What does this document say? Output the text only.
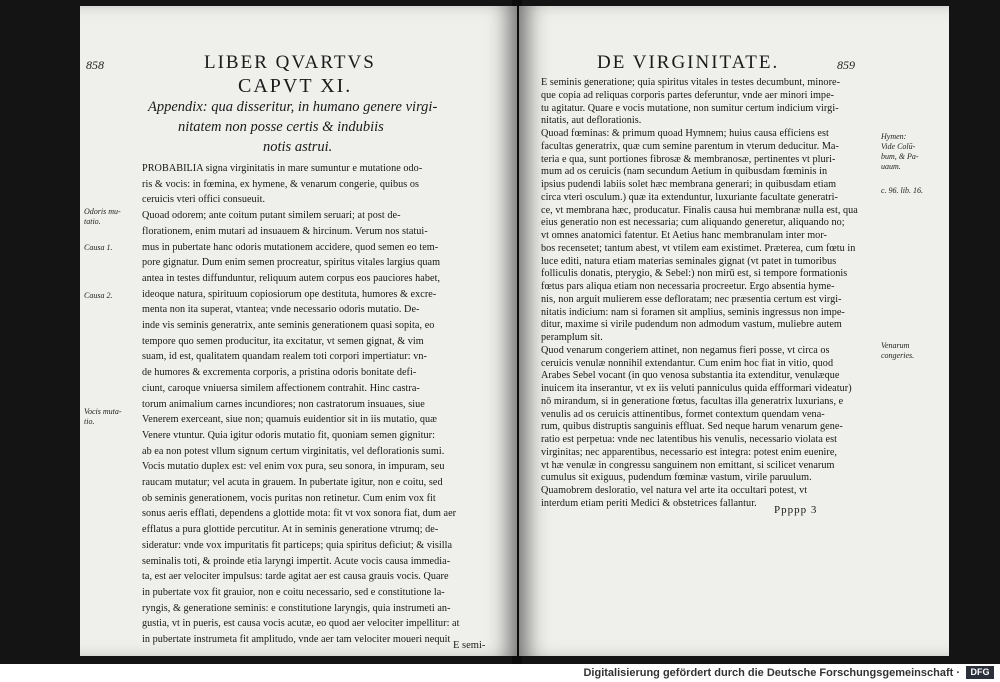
858	LIBER QVARTVS
CAPVT XI.
Appendix: qua disseritur, in humano genere virgi-
nitatem non posse certis & indubiis
notis astrui.
PROBABILIA signa virginitatis in mare sumuntur e mutatione odo-
ris & vocis: in fœmina, ex hymene, & venarum congerie, quibus os
ceruicis vteri offici consueuit.
Quoad odorem; ante coitum putant similem seruari; at post de-
florationem, enim mutari ad insuauem & hircinum. Verum nos statui-
mus in pubertate hanc odoris mutationem accidere, quod semen eo tem-
pore gignatur. Dum enim semen procreatur, spiritus vitales largius quam
antea in testes diffunduntur, reliquum autem corpus eos pauciores habet,
ideoque natura, spirituum copiosiorum ope destituta, humores & excre-
menta non ita superat, vtantea; vnde necessario odoris mutatio. De-
inde vis seminis generatrix, ante seminis generationem quasi sopita, eo
tempore quo semen producitur, ita excitatur, vt semen gignat, & vim
suam, id est, qualitatem quandam realem toti corpori impertiatur: vn-
de humores & excrementa corporis, a pristina odoris bonitate defi-
ciunt, caroque vniuersa similem affectionem contrahit. Hinc castra-
torum animalium carnes incundiores; non castratorum insuaues, siue
Venerem exerceant, siue non; quamuis euidentior sit in iis mutatio, quæ
Venere vtuntur. Quia igitur odoris mutatio fit, quoniam semen gignitur:
ab ea non potest vllum signum certum virginitatis, vel deflorationis sumi.
Vocis mutatio duplex est: vel enim vox pura, seu sonora, in impuram, seu
raucam mutatur; vel acuta in grauem. In pubertate igitur, non e coitu, sed
ob seminis generationem, vocis puritas non retinetur. Cum enim vox fit
sonus aeris efflati, dependens a glottide mota: fit vt vox sonora fiat, dum aer
efflatus a pura glottide percutitur. At in seminis generatione vtrumq; de-
sideratur: vnde vox impuritatis fit particeps; quia spiritus deficiut; & visilla
seminalis toti, & proinde etia laryngi impertit. Acute vocis causa immedia-
ta, est aer velociter impulsus: tarde agitat aer est causa grauis vocis. Quare
in pubertate vox fit grauior, non e coitu necessario, sed e constitutione la-
ryngis, & generatione seminis: e constitutione laryngis, quia instrumeti an-
gustia, vt in pueris, est causa vocis acutæ, eo quod aer velociter impellitur: at
in pubertate instrumeta fit amplitudo, vnde aer tam velociter moueri nequit
Odoris mu-
tatio.
Causa 1.
Causa 2.
Vocis muta-
tio.
E semi-
DE VIRGINITATE.	859
E seminis generatione; quia spiritus vitales in testes decumbunt, minore-
que copia ad reliquas corporis partes deferuntur, vnde aer minori impe-
tu agitatur. Quare e vocis mutatione, non sumitur certum indicium virgi-
nitatis, aut deflorationis.
Quoad fœminas: & primum quoad Hymnem; huius causa efficiens est
facultas generatrix, quæ cum semine parentum in vterum deducitur. Ma-
teria e qua, sunt portiones fibrosæ & membranosæ, pertinentes vt pluri-
mum ad os ceruicis (nam secundum Aetium in quibusdam fœminis in
ipsius pudendi labiis solet hæc membrana generari; in quibusdam etiam
circa vteri osculum.) quæ ita extenduntur, luxuriante facultate generatri-
ce, vt membrana hæc, producatur. Finalis causa hui membranæ nulla est, qua
eius generatio non est necessaria; cum aliquando generetur, aliquando no;
vt omnes anatomici fatentur. Et Aetius hanc membranulam inter mor-
bos recensetet; tantum abest, vt vtilem eam existimet. Præterea, cum fœtu in
luce editi, natura etiam materias seminales gignat (vt patet in tumoribus
folliculis donatis, pterygio, & Sebel:) non mirū est, si tempore formationis
fœtus pars aliqua etiam non necessaria procreetur. Ergo absentia hyme-
nis, non arguit mulierem esse defloratam; nec præsentia certum est virgi-
nitatis indicium: nam si foramen sit amplius, seminis ingressus non impe-
ditur, maxime si virile pudendum non admodum vastum, muliebre autem
peramplum sit.
Quod venarum congeriem attinet, non negamus fieri posse, vt circa os
ceruicis venulæ nonnihil extendantur. Cum enim hoc fiat in vitio, quod
Arabes Sebel vocant (in quo venosa substantia ita extenditur, venulæque
inuicem ita inserantur, vt ex iis veluti panniculus quida effformari videatur)
nō mirandum, si in generatione fœtus, facultas illa generatrix luxurians, e
venulis ad os ceruicis attinentibus, formet contextum quendam vena-
rum, quibus distruptis sanguinis effluat. Sed neque harum venarum gene-
ratio est perpetua: vnde nec latentibus his venulis, necessario violata est
virginitas; nec apparentibus, necessario est integra: potest enim euenire,
vt hæ venulæ in congressu sanguinem non emittant, si scilicet venarum
cumulus sit exiguus, pudendum fœminæ vastum, virile paruulum.
Quamobrem desloratio, vel natura vel arte ita occultari potest, vt
interdum etiam periti Medici & obstetrices fallantur.
Hymen:
Vide Colū-
bum, & Pa-
uaum.
c. 96. lib. 16.
Venarum
congeries.
Ppppp 3
Digitalisierung gefördert durch die Deutsche Forschungsgemeinschaft ·	DFG
